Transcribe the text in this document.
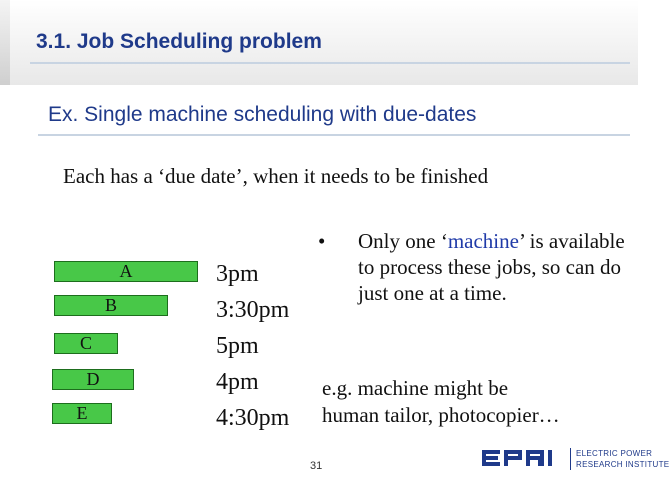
3.1. Job Scheduling problem
Ex. Single machine scheduling with due-dates
Each has a ‘due date’, when it needs to be finished
A
B
C
D
E
3pm
3:30pm
5pm
4pm
4:30pm
• Only one ‘machine’ is available to process these jobs, so can do just one at a time.
e.g. machine might be
human tailor, photocopier…
31
ELECTRIC POWER
RESEARCH INSTITUTE
